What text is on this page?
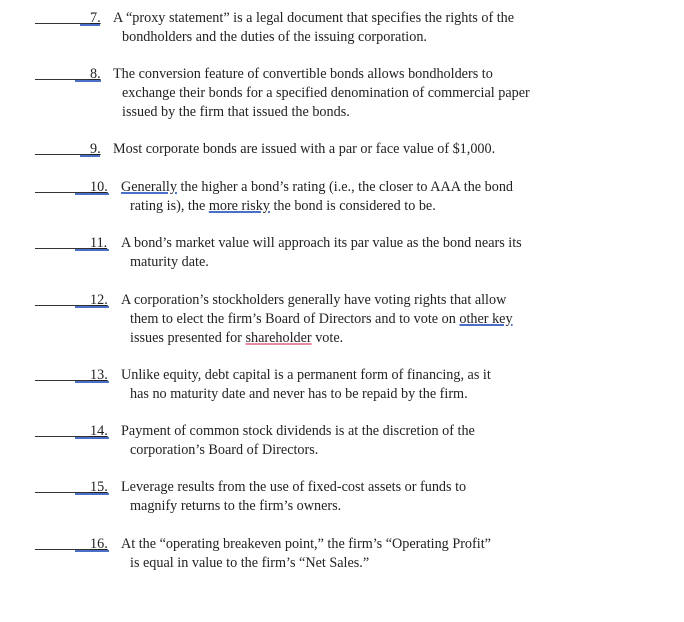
7. A “proxy statement” is a legal document that specifies the rights of the
bondholders and the duties of the issuing corporation.
8. The conversion feature of convertible bonds allows bondholders to
exchange their bonds for a specified denomination of commercial paper
issued by the firm that issued the bonds.
9. Most corporate bonds are issued with a par or face value of $1,000.
10. Generally the higher a bond’s rating (i.e., the closer to AAA the bond
rating is), the more risky the bond is considered to be.
11. A bond’s market value will approach its par value as the bond nears its
maturity date.
12. A corporation’s stockholders generally have voting rights that allow
them to elect the firm’s Board of Directors and to vote on other key
issues presented for shareholder vote.
13. Unlike equity, debt capital is a permanent form of financing, as it
has no maturity date and never has to be repaid by the firm.
14. Payment of common stock dividends is at the discretion of the
corporation’s Board of Directors.
15. Leverage results from the use of fixed-cost assets or funds to
magnify returns to the firm’s owners.
16. At the “operating breakeven point,” the firm’s “Operating Profit”
is equal in value to the firm’s “Net Sales.”
